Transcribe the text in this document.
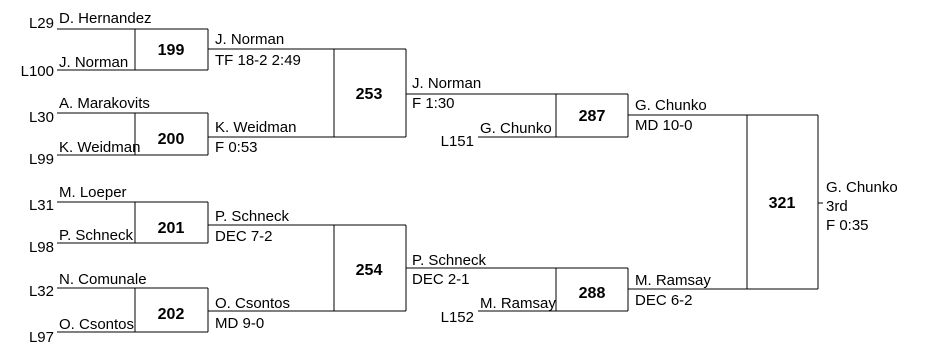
L29 D. Hernandez
L100
J. Norman
199
L30
A. Marakovits
L99
K. Weidman 200
L31
M. Loeper
L98
P. Schneck 201
L32
N. Comunale
L97
O. Csontos
202
J. Norman
TF 18-2 2:49
K. Weidman
F 0:53
253
P. Schneck
DEC 7-2
O. Csontos
MD 9-0
254
J. Norman
F 1:30
L151
G. Chunko
287
P. Schneck
DEC 2-1
L152
M. Ramsay
288
G. Chunko
MD 10-0
M. Ramsay
DEC 6-2
321
G. Chunko
3rd
F 0:35
